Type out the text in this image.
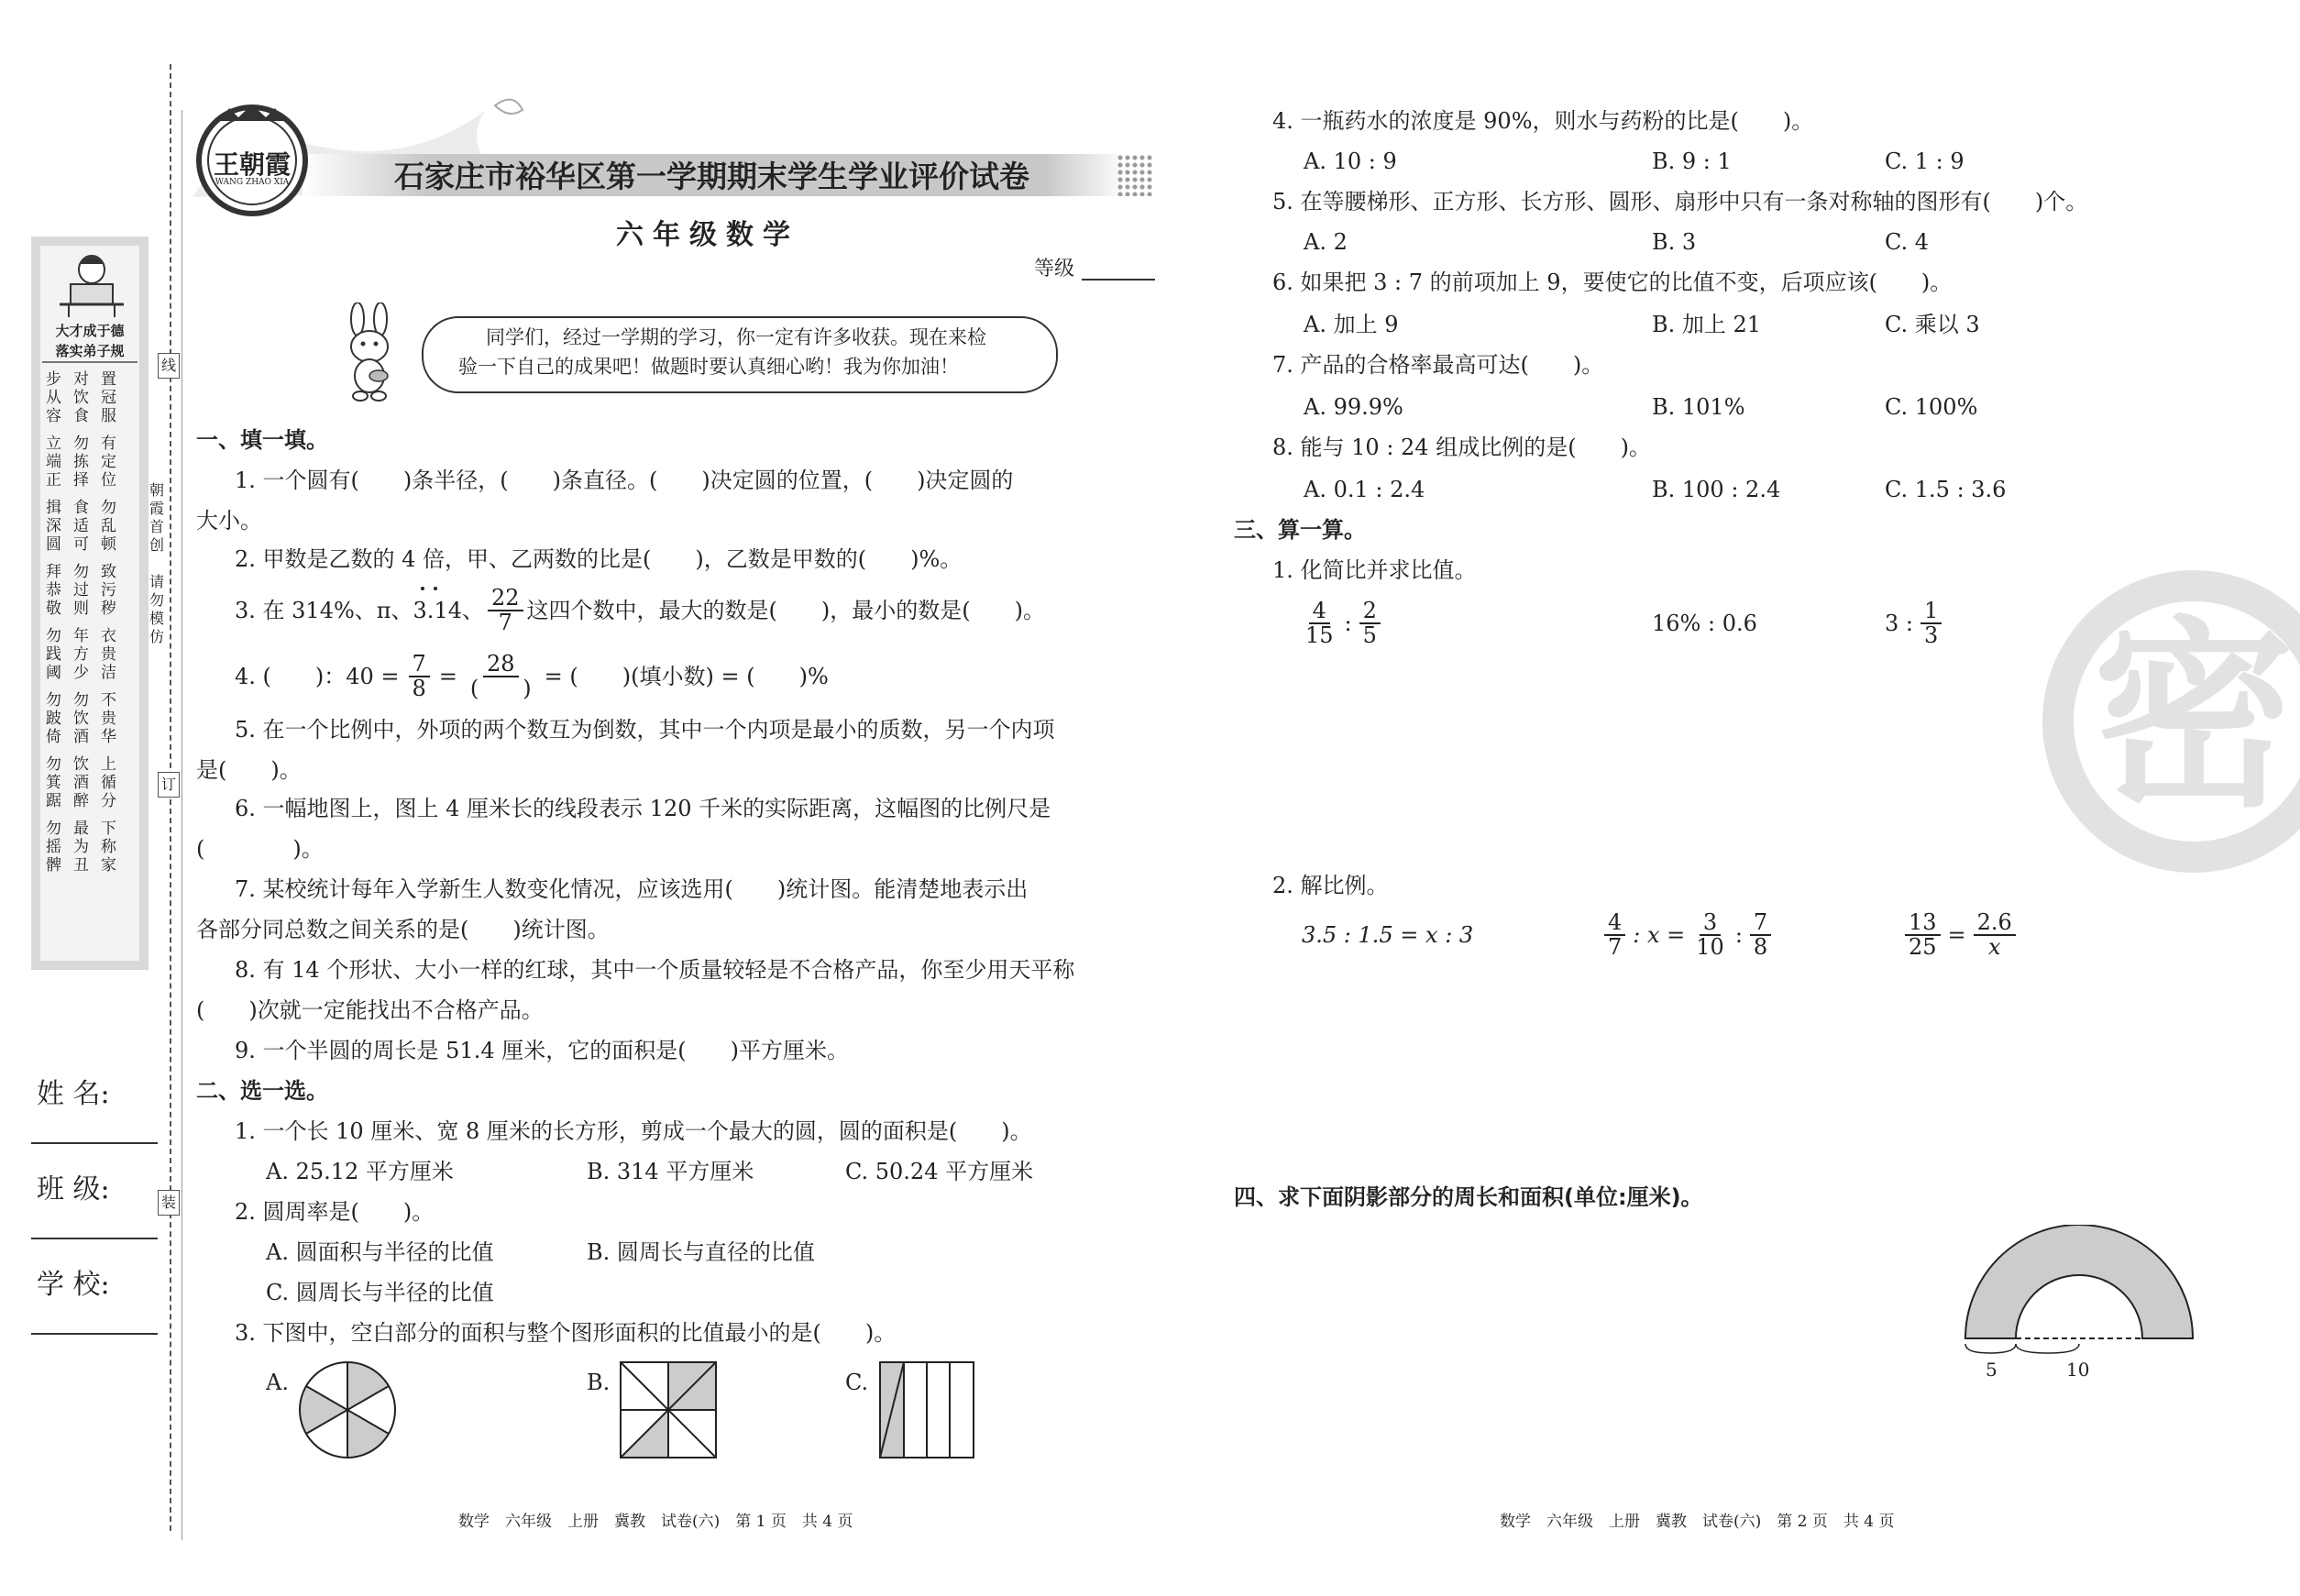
大才成于德
落实弟子规
步从容
对饮食
置冠服
立端正
勿拣择
有定位
揖深圆
食适可
勿乱顿
拜恭敬
勿过则
致污秽
勿践阈
年方少
衣贵洁
勿跛倚
勿饮酒
不贵华
勿箕踞
饮酒醉
上循分
勿摇髀
最为丑
下称家
姓 名:
班 级:
学 校:
线
订
装
朝霞首创
请勿模仿
王朝霞
WANG ZHAO XIA	石家庄市裕华区第一学期期末学生学业评价试卷
六年级数学
等级
同学们，经过一学期的学习，你一定有许多收获。现在来检
验一下自己的成果吧！做题时要认真细心哟！我为你加油！
一、填一填。
1. 一个圆有(　　)条半径，(　　)条直径。(　　)决定圆的位置，(　　)决定圆的
大小。
2. 甲数是乙数的 4 倍，甲、乙两数的比是(　　)，乙数是甲数的(　　)%。
3. 在 314%、π、3.1 4 、 $\frac{22}{7}$ 这四个数中，最大的数是(　　)，最小的数是(　　)。
4. (　　)：$40 = \frac{7}{8} = \frac{28}{( )}$ = (　　)(填小数) = (　　)%
5. 在一个比例中，外项的两个数互为倒数，其中一个内项是最小的质数，另一个内项
是(　　)。
6. 一幅地图上，图上 4 厘米长的线段表示 120 千米的实际距离，这幅图的比例尺是
(　　　　)。
7. 某校统计每年入学新生人数变化情况，应该选用(　　)统计图。能清楚地表示出
各部分同总数之间关系的是(　　)统计图。
8. 有 14 个形状、大小一样的红球，其中一个质量较轻是不合格产品，你至少用天平称
(　　)次就一定能找出不合格产品。
9. 一个半圆的周长是 51.4 厘米，它的面积是(　　)平方厘米。
二、选一选。
1. 一个长 10 厘米、宽 8 厘米的长方形，剪成一个最大的圆，圆的面积是(　　)。
A. 25.12 平方厘米	B. 314 平方厘米	C. 50.24 平方厘米
2. 圆周率是(　　)。
A. 圆面积与半径的比值	B. 圆周长与直径的比值
C. 圆周长与半径的比值
3. 下图中，空白部分的面积与整个图形面积的比值最小的是(　　)。
A.	B.	C.
数学　六年级　上册　冀教　试卷(六)　第 1 页　共 4 页
4. 一瓶药水的浓度是 90%，则水与药粉的比是(　　)。
A. 10 : 9	B. 9 : 1	C. 1 : 9
5. 在等腰梯形、正方形、长方形、圆形、扇形中只有一条对称轴的图形有(　　)个。
A. 2	B. 3	C. 4
6. 如果把 3 : 7 的前项加上 9，要使它的比值不变，后项应该(　　)。
A. 加上 9	B. 加上 21	C. 乘以 3
7. 产品的合格率最高可达(　　)。
A. 99.9%	B. 101%	C. 100%
8. 能与 10 : 24 组成比例的是(　　)。
A. 0.1 : 2.4	B. 100 : 2.4	C. 1.5 : 3.6
三、算一算。
1. 化简比并求比值。
$\frac{4}{15}$ : $\frac{2}{5}$	16% : 0.6	3 : $\frac{1}{3}$
2. 解比例。
3.5 : 1.5 = x : 3	$\frac{4}{7}$ : $x = \frac{3}{10}$ : $\frac{7}{8}$	$\frac{13}{25} = \frac{2.6}{x}$
密
四、求下面阴影部分的周长和面积(单位:厘米)。
5	10
数学　六年级　上册　冀教　试卷(六)　第 2 页　共 4 页
